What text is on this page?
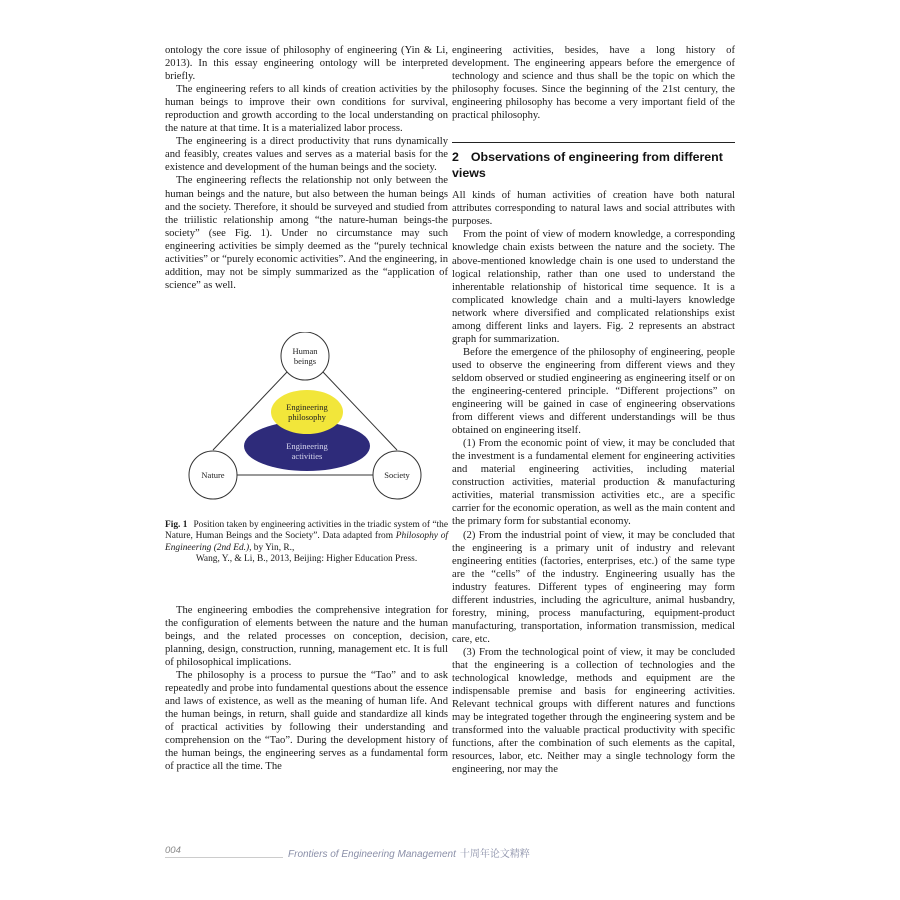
ontology the core issue of philosophy of engineering (Yin & Li, 2013). In this essay engineering ontology will be interpreted briefly.

The engineering refers to all kinds of creation activities by the human beings to improve their own conditions for survival, reproduction and growth according to the local understanding on the nature at that time. It is a materialized labor process.

The engineering is a direct productivity that runs dynamically and feasibly, creates values and serves as a material basis for the existence and development of the human beings and the society.

The engineering reflects the relationship not only between the human beings and the nature, but also between the human beings and the society. Therefore, it should be surveyed and studied from the triilistic relationship among “the nature-human beings-the society” (see Fig. 1). Under no circumstance may such engineering activities be simply deemed as the “purely technical activities” or “purely economic activities”. And the engineering, in addition, may not be simply summarized as the “application of science” as well.

Human
beings
Nature	Society
Engineering
philosophy
Engineering
activities
Fig. 1 Position taken by engineering activities in the triadic system of “the Nature, Human Beings and the Society”. Data adapted from Philosophy of Engineering (2nd Ed.), by Yin, R.,
Wang, Y., & Li, B., 2013, Beijing: Higher Education Press.

The engineering embodies the comprehensive integration for the configuration of elements between the nature and the human beings, and the related processes on conception, decision, planning, design, construction, running, management etc. It is full of philosophical implications.

The philosophy is a process to pursue the “Tao” and to ask repeatedly and probe into fundamental questions about the essence and laws of existence, as well as the meaning of human life. And the human beings, in return, shall guide and standardize all kinds of practical activities by following their understanding and comprehension on the “Tao”. During the development history of the human beings, the engineering serves as a fundamental form of practice all the time. The

engineering activities, besides, have a long history of development. The engineering appears before the emergence of technology and science and thus shall be the topic on which the philosophy focuses. Since the beginning of the 21st century, the engineering philosophy has become a very important field of the practical philosophy.

2 Observations of engineering from different views

All kinds of human activities of creation have both natural attributes corresponding to natural laws and social attributes with purposes.

From the point of view of modern knowledge, a corresponding knowledge chain exists between the nature and the society. The above-mentioned knowledge chain is one used to understand the logical relationship, rather than one used to understand the inherentable relationship of historical time sequence. It is a complicated knowledge chain and a multi-layers knowledge network where diversified and complicated relationships exist among different links and layers. Fig. 2 represents an abstract graph for summarization.

Before the emergence of the philosophy of engineering, people used to observe the engineering from different views and they seldom observed or studied engineering as engineering itself or on the engineering-centered principle. “Different projections” on engineering will be gained in case of engineering observations from different views and different understandings will be thus obtained on engineering itself.

(1) From the economic point of view, it may be concluded that the investment is a fundamental element for engineering activities and material engineering activities, including material construction activities, material production & manufacturing activities, material transmission activities etc., are a specific carrier for the economic operation, as well as the main content and the primary form for substantial economy.

(2) From the industrial point of view, it may be concluded that the engineering is a primary unit of industry and relevant engineering entities (factories, enterprises, etc.) of the same type are the “cells” of the industry. Engineering usually has the industry features. Different types of engineering may form different industries, including the agriculture, animal husbandry, forestry, mining, process manufacturing, equipment-product manufacturing, transportation, information transmission, medical care, etc.

(3) From the technological point of view, it may be concluded that the engineering is a collection of technologies and the technological knowledge, methods and equipment are the indispensable premise and basis for engineering activities. Relevant technical groups with different natures and functions may be integrated together through the engineering system and be transformed into the valuable practical productivity with specific functions, after the combination of such elements as the capital, resources, labor, etc. Neither may a single technology form the engineering, nor may the

004	Frontiers of Engineering Management 十周年论文精粹
